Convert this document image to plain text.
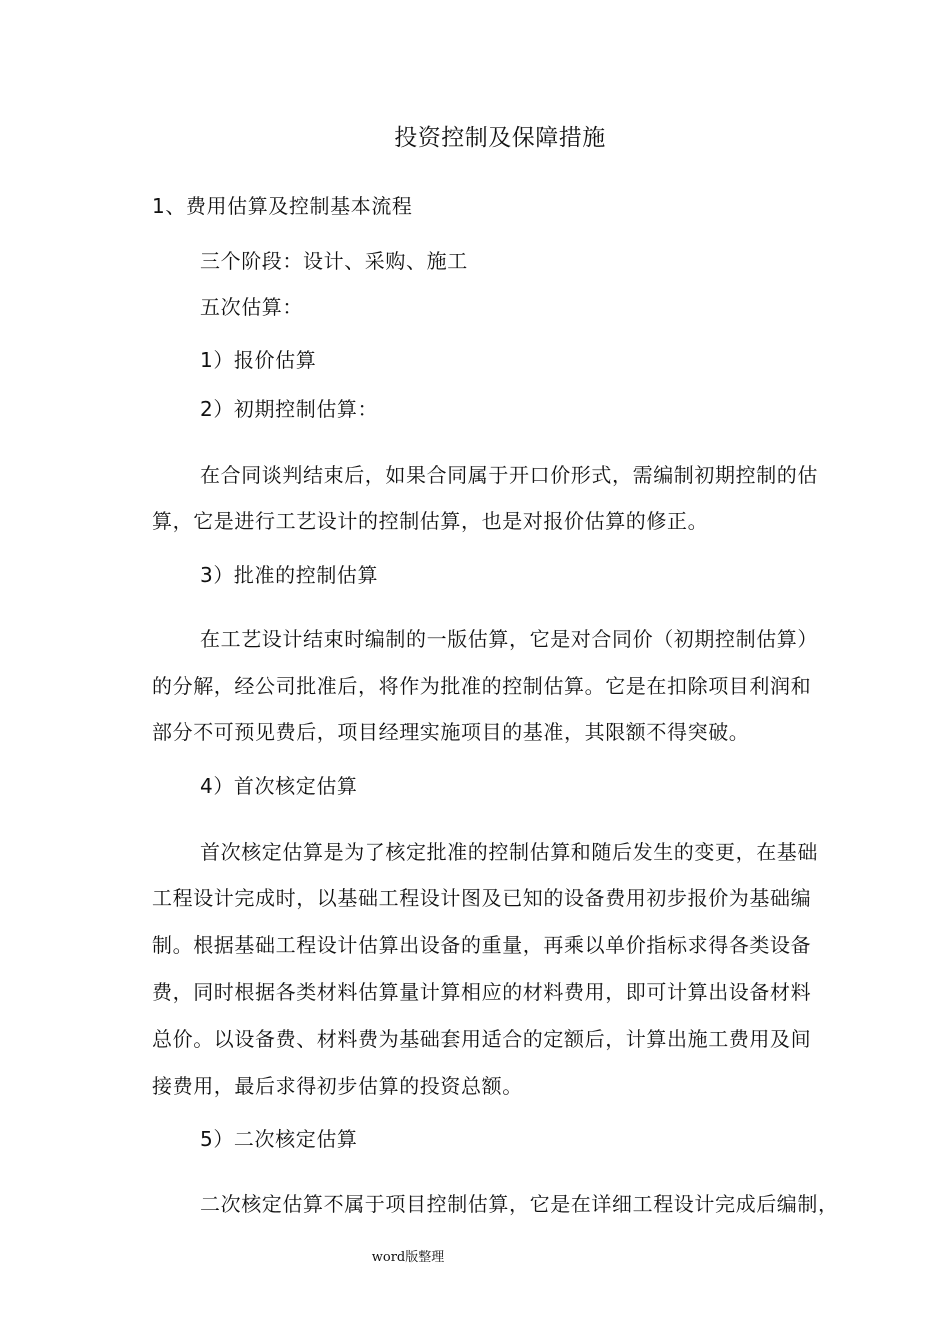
投资控制及保障措施
1、费用估算及控制基本流程
三个阶段：设计、采购、施工
五次估算：
1）报价估算
2）初期控制估算：
在合同谈判结束后，如果合同属于开口价形式，需编制初期控制的估
算，它是进行工艺设计的控制估算，也是对报价估算的修正。
3）批准的控制估算
在工艺设计结束时编制的一版估算，它是对合同价（初期控制估算）
的分解，经公司批准后，将作为批准的控制估算。它是在扣除项目利润和
部分不可预见费后，项目经理实施项目的基准，其限额不得突破。
4）首次核定估算
首次核定估算是为了核定批准的控制估算和随后发生的变更，在基础
工程设计完成时，以基础工程设计图及已知的设备费用初步报价为基础编
制。根据基础工程设计估算出设备的重量，再乘以单价指标求得各类设备
费，同时根据各类材料估算量计算相应的材料费用，即可计算出设备材料
总价。以设备费、材料费为基础套用适合的定额后，计算出施工费用及间
接费用，最后求得初步估算的投资总额。
5）二次核定估算
二次核定估算不属于项目控制估算，它是在详细工程设计完成后编制，
word版整理
